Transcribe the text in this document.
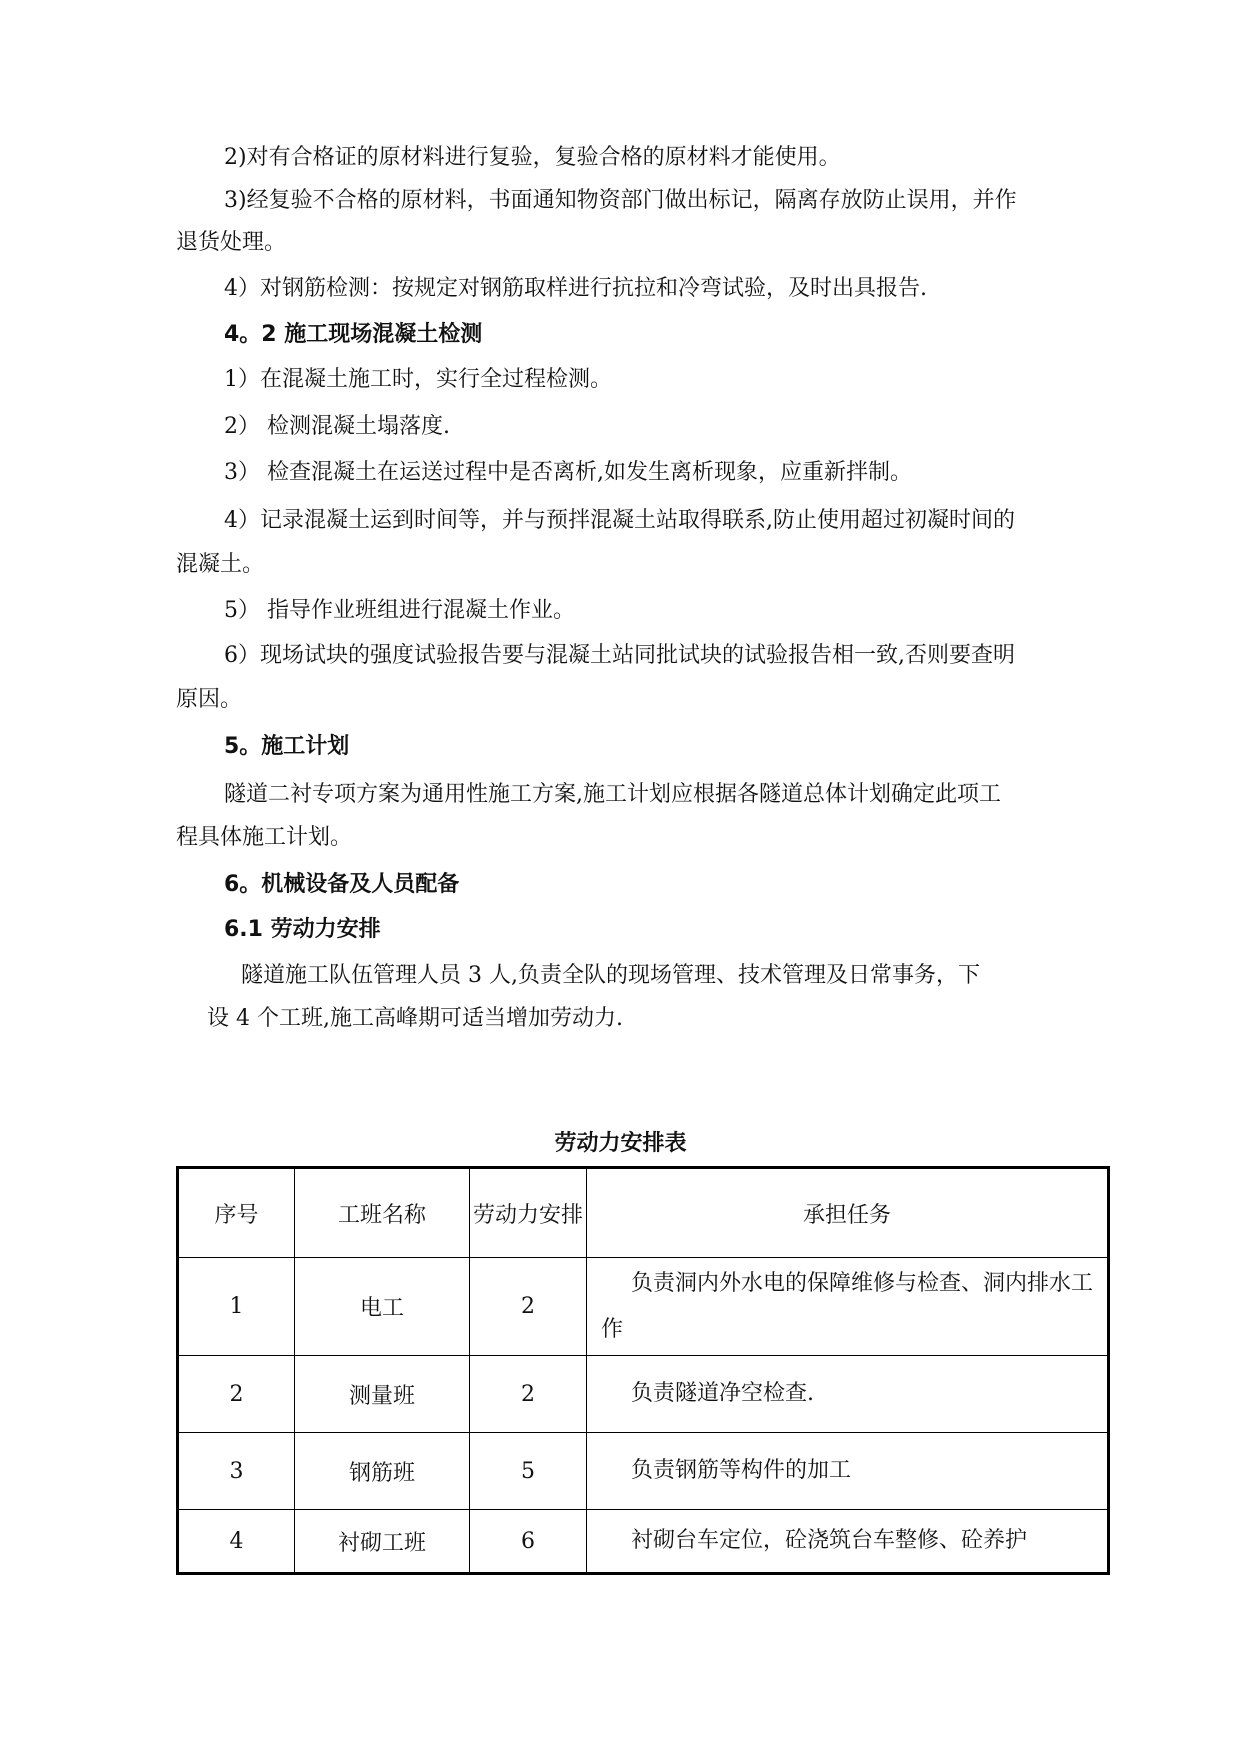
2)对有合格证的原材料进行复验，复验合格的原材料才能使用。
3)经复验不合格的原材料，书面通知物资部门做出标记，隔离存放防止误用，并作
退货处理。
4）对钢筋检测：按规定对钢筋取样进行抗拉和冷弯试验，及时出具报告.
4。2 施工现场混凝土检测
1）在混凝土施工时，实行全过程检测。
2） 检测混凝土塌落度.
3） 检查混凝土在运送过程中是否离析,如发生离析现象，应重新拌制。
4）记录混凝土运到时间等，并与预拌混凝土站取得联系,防止使用超过初凝时间的
混凝土。
5） 指导作业班组进行混凝土作业。
6）现场试块的强度试验报告要与混凝土站同批试块的试验报告相一致,否则要查明
原因。
5。施工计划
隧道二衬专项方案为通用性施工方案,施工计划应根据各隧道总体计划确定此项工
程具体施工计划。
6。机械设备及人员配备
6.1 劳动力安排
隧道施工队伍管理人员 3 人,负责全队的现场管理、技术管理及日常事务，下
设 4 个工班,施工高峰期可适当增加劳动力.
劳动力安排表
序号	工班名称	劳动力安排	承担任务
1	电工	2	负责洞内外水电的保障维修与检查、洞内排水工作
2	测量班	2	负责隧道净空检查.
3	钢筋班	5	负责钢筋等构件的加工
4	衬砌工班	6	衬砌台车定位，砼浇筑台车整修、砼养护
